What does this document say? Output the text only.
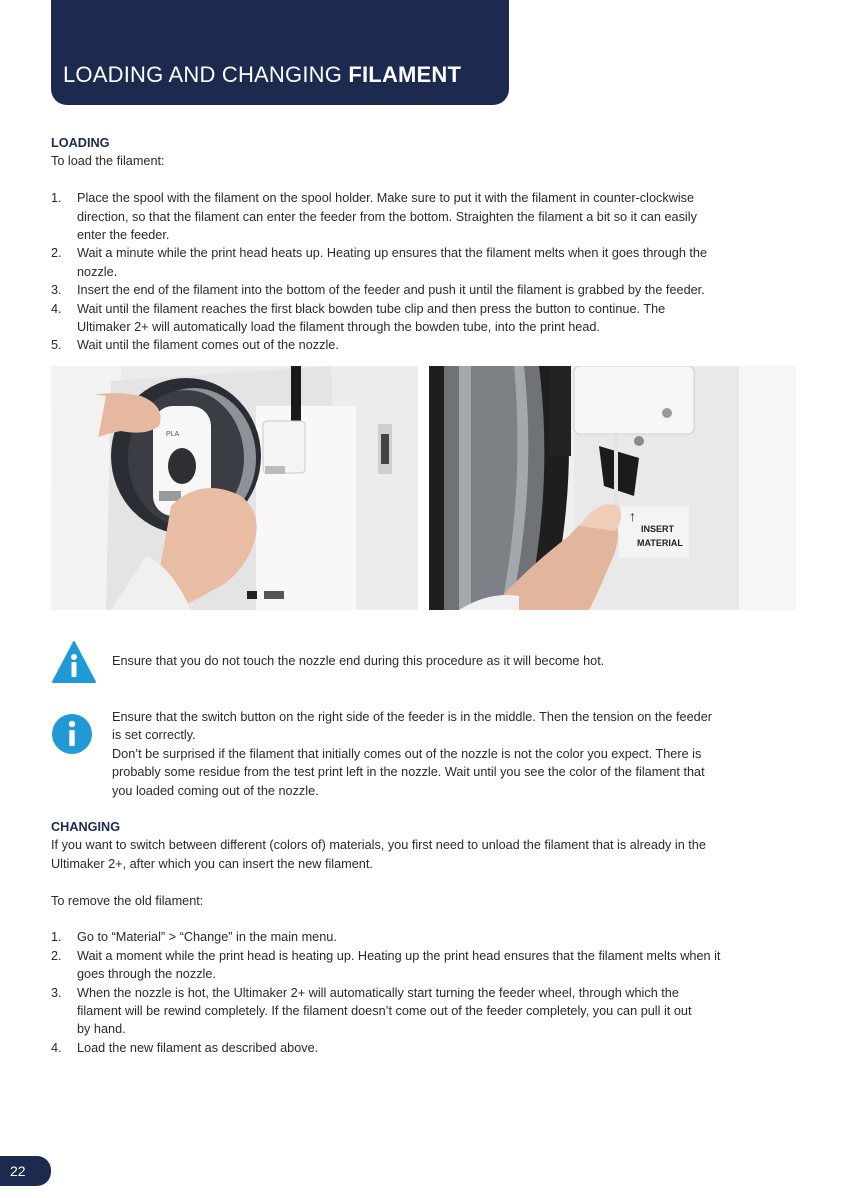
LOADING AND CHANGING FILAMENT
LOADING
To load the filament:
1. Place the spool with the filament on the spool holder. Make sure to put it with the filament in counter-clockwise
direction, so that the filament can enter the feeder from the bottom. Straighten the filament a bit so it can easily
enter the feeder.
2. Wait a minute while the print head heats up. Heating up ensures that the filament melts when it goes through the
nozzle.
3. Insert the end of the filament into the bottom of the feeder and push it until the filament is grabbed by the feeder.
4. Wait until the filament reaches the first black bowden tube clip and then press the button to continue. The
Ultimaker 2+ will automatically load the filament through the bowden tube, into the print head.
5. Wait until the filament comes out of the nozzle.
PLA
↑
INSERT
MATERIAL
Ensure that you do not touch the nozzle end during this procedure as it will become hot.
Ensure that the switch button on the right side of the feeder is in the middle. Then the tension on the feeder
is set correctly.
Don’t be surprised if the filament that initially comes out of the nozzle is not the color you expect. There is
probably some residue from the test print left in the nozzle. Wait until you see the color of the filament that
you loaded coming out of the nozzle.
CHANGING
If you want to switch between different (colors of) materials, you first need to unload the filament that is already in the
Ultimaker 2+, after which you can insert the new filament.
To remove the old filament:
1. Go to “Material” > “Change” in the main menu.
2. Wait a moment while the print head is heating up. Heating up the print head ensures that the filament melts when it
goes through the nozzle.
3. When the nozzle is hot, the Ultimaker 2+ will automatically start turning the feeder wheel, through which the
filament will be rewind completely. If the filament doesn’t come out of the feeder completely, you can pull it out
by hand.
4. Load the new filament as described above.
22
